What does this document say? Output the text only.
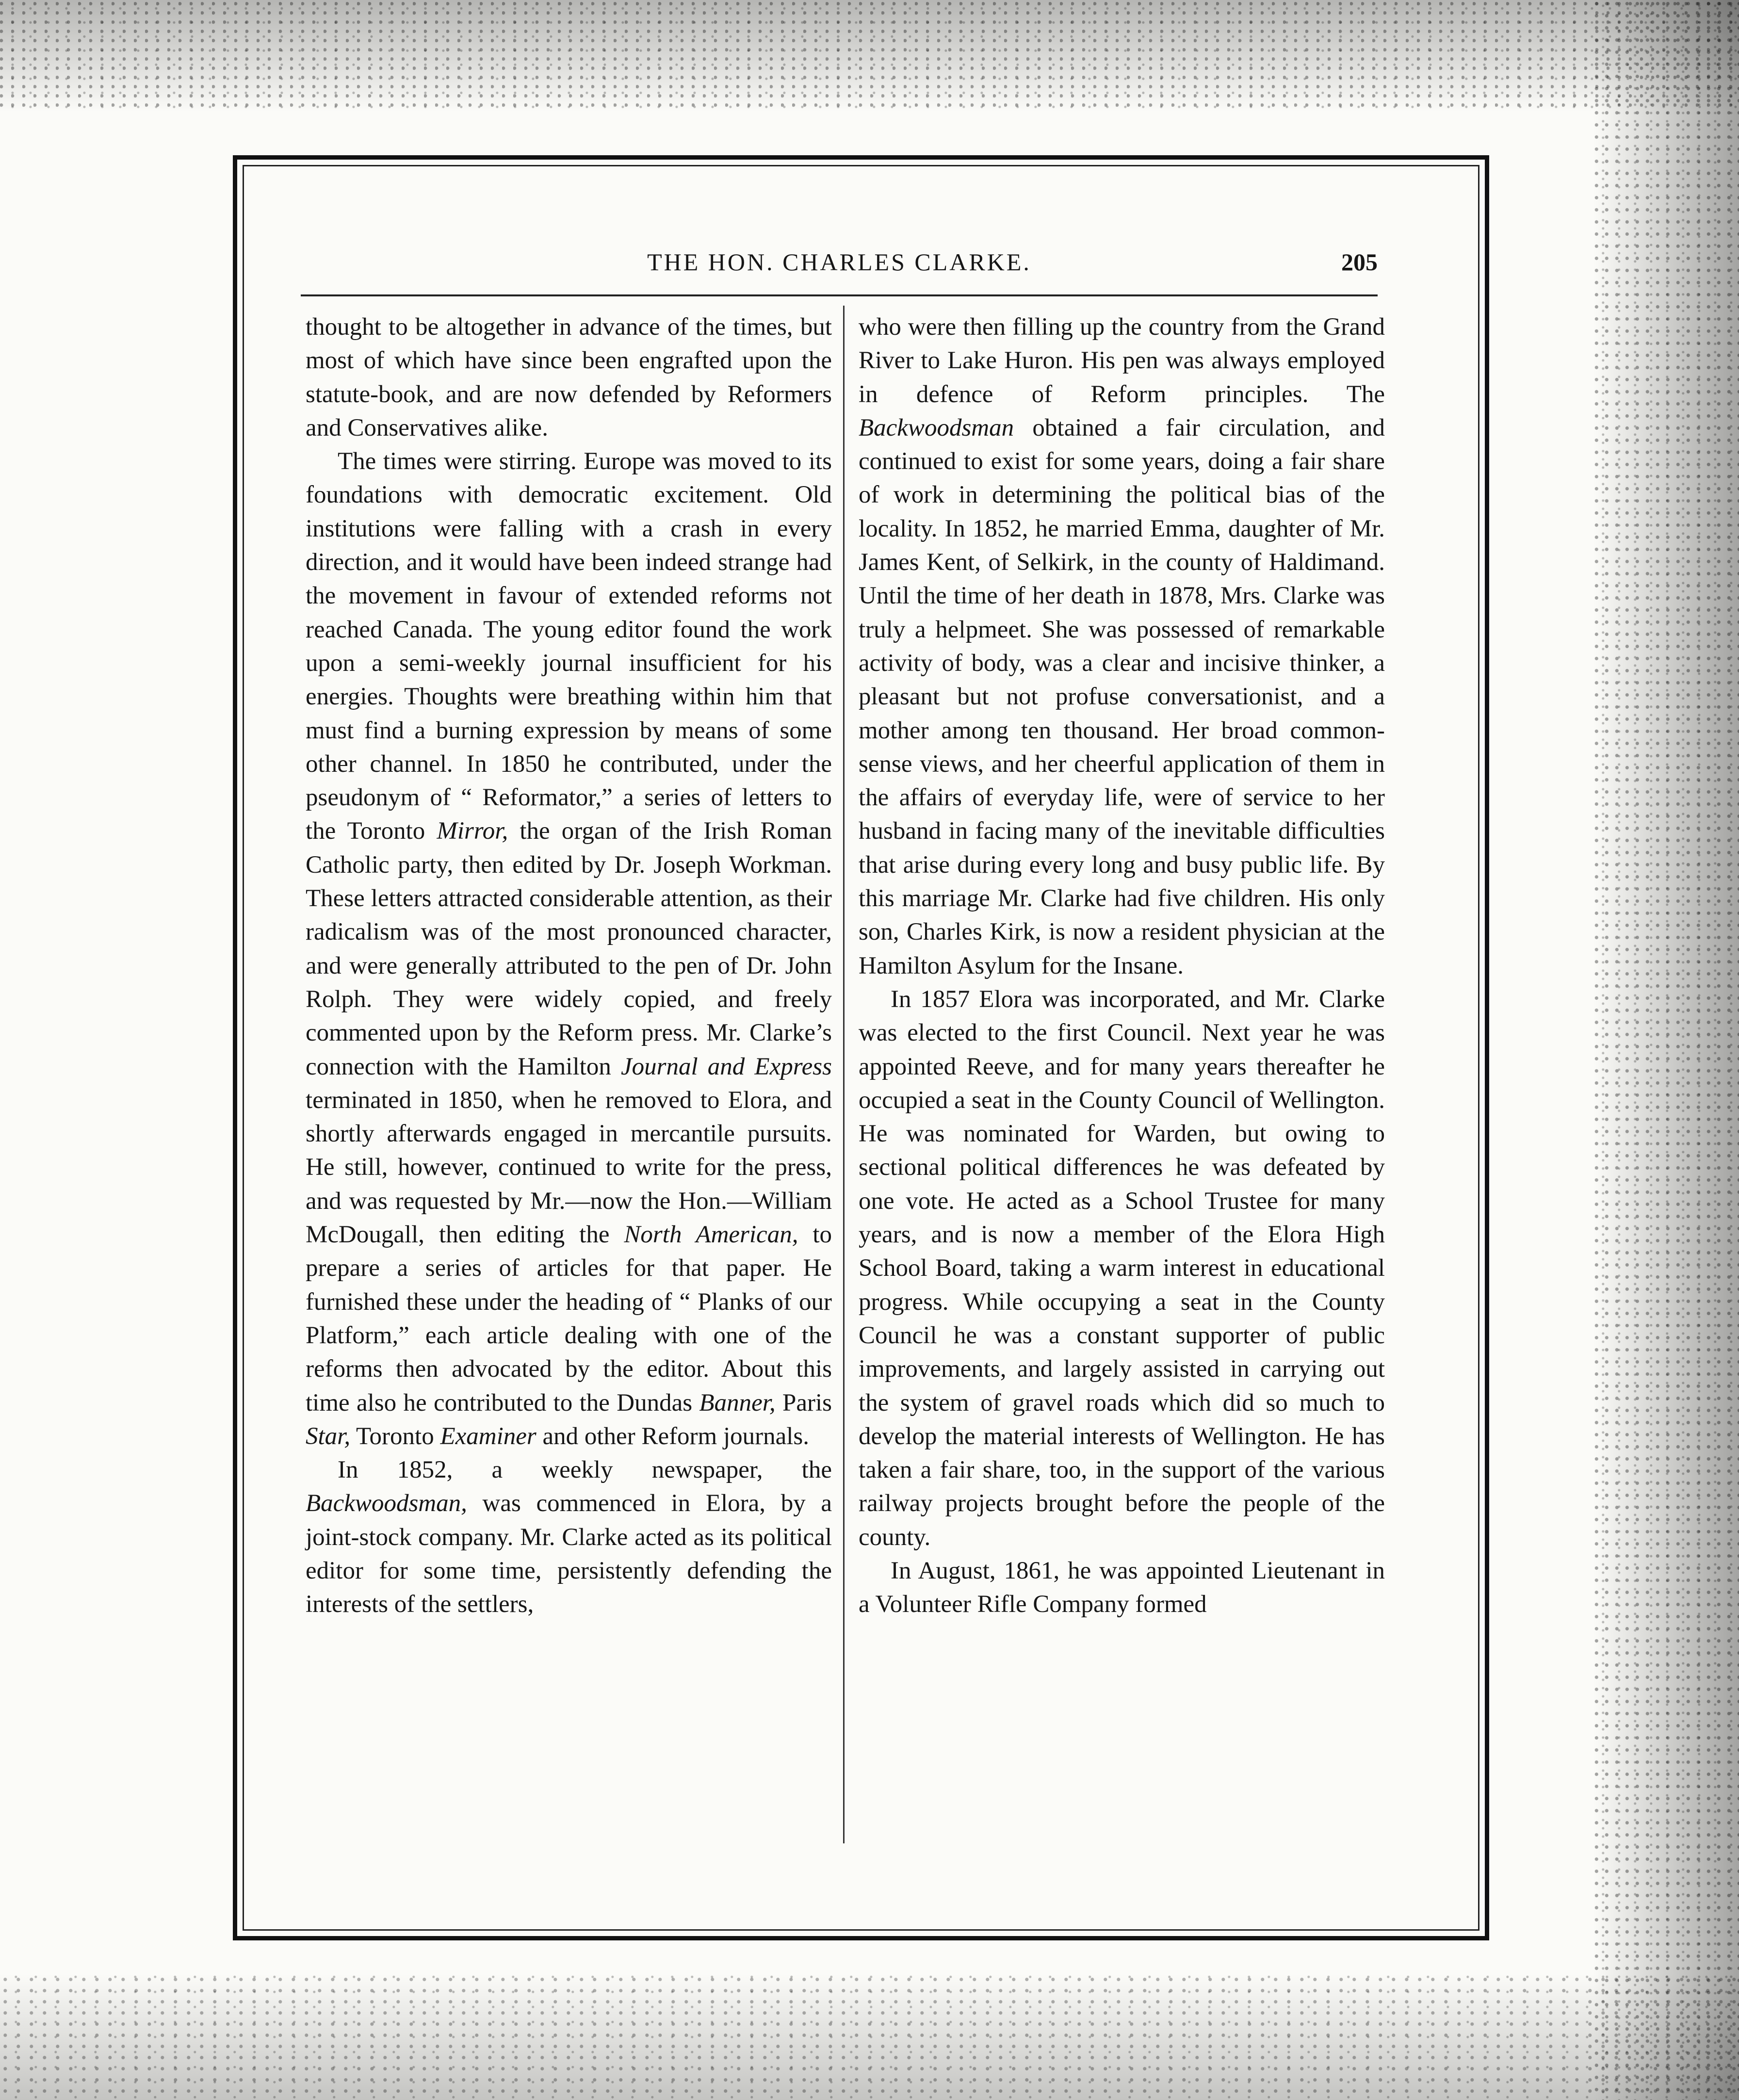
THE HON. CHARLES CLARKE.	205

thought to be altogether in advance of the times, but most of which have since been engrafted upon the statute-book, and are now defended by Reformers and Conservatives alike.

The times were stirring. Europe was moved to its foundations with democratic excitement. Old institutions were falling with a crash in every direction, and it would have been indeed strange had the movement in favour of extended reforms not reached Canada. The young editor found the work upon a semi-weekly journal insufficient for his energies. Thoughts were breathing within him that must find a burning expression by means of some other channel. In 1850 he contributed, under the pseudonym of “ Reformator,” a series of letters to the Toronto Mirror, the organ of the Irish Roman Catholic party, then edited by Dr. Joseph Workman. These letters attracted considerable attention, as their radicalism was of the most pronounced character, and were generally attributed to the pen of Dr. John Rolph. They were widely copied, and freely commented upon by the Reform press. Mr. Clarke’s connection with the Hamilton Journal and Express terminated in 1850, when he removed to Elora, and shortly afterwards engaged in mercantile pursuits. He still, however, continued to write for the press, and was requested by Mr.—now the Hon.—William McDougall, then editing the North American, to prepare a series of articles for that paper. He furnished these under the heading of “ Planks of our Platform,” each article dealing with one of the reforms then advocated by the editor. About this time also he contributed to the Dundas Banner, Paris Star, Toronto Examiner and other Reform journals.

In 1852, a weekly newspaper, the Backwoodsman, was commenced in Elora, by a joint-stock company. Mr. Clarke acted as its political editor for some time, persistently defending the interests of the settlers,

who were then filling up the country from the Grand River to Lake Huron. His pen was always employed in defence of Reform principles. The Backwoodsman obtained a fair circulation, and continued to exist for some years, doing a fair share of work in determining the political bias of the locality. In 1852, he married Emma, daughter of Mr. James Kent, of Selkirk, in the county of Haldimand. Until the time of her death in 1878, Mrs. Clarke was truly a helpmeet. She was possessed of remarkable activity of body, was a clear and incisive thinker, a pleasant but not profuse conversationist, and a mother among ten thousand. Her broad common-sense views, and her cheerful application of them in the affairs of everyday life, were of service to her husband in facing many of the inevitable difficulties that arise during every long and busy public life. By this marriage Mr. Clarke had five children. His only son, Charles Kirk, is now a resident physician at the Hamilton Asylum for the Insane.

In 1857 Elora was incorporated, and Mr. Clarke was elected to the first Council. Next year he was appointed Reeve, and for many years thereafter he occupied a seat in the County Council of Wellington. He was nominated for Warden, but owing to sectional political differences he was defeated by one vote. He acted as a School Trustee for many years, and is now a member of the Elora High School Board, taking a warm interest in educational progress. While occupying a seat in the County Council he was a constant supporter of public improvements, and largely assisted in carrying out the system of gravel roads which did so much to develop the material interests of Wellington. He has taken a fair share, too, in the support of the various railway projects brought before the people of the county.

In August, 1861, he was appointed Lieutenant in a Volunteer Rifle Company formed
